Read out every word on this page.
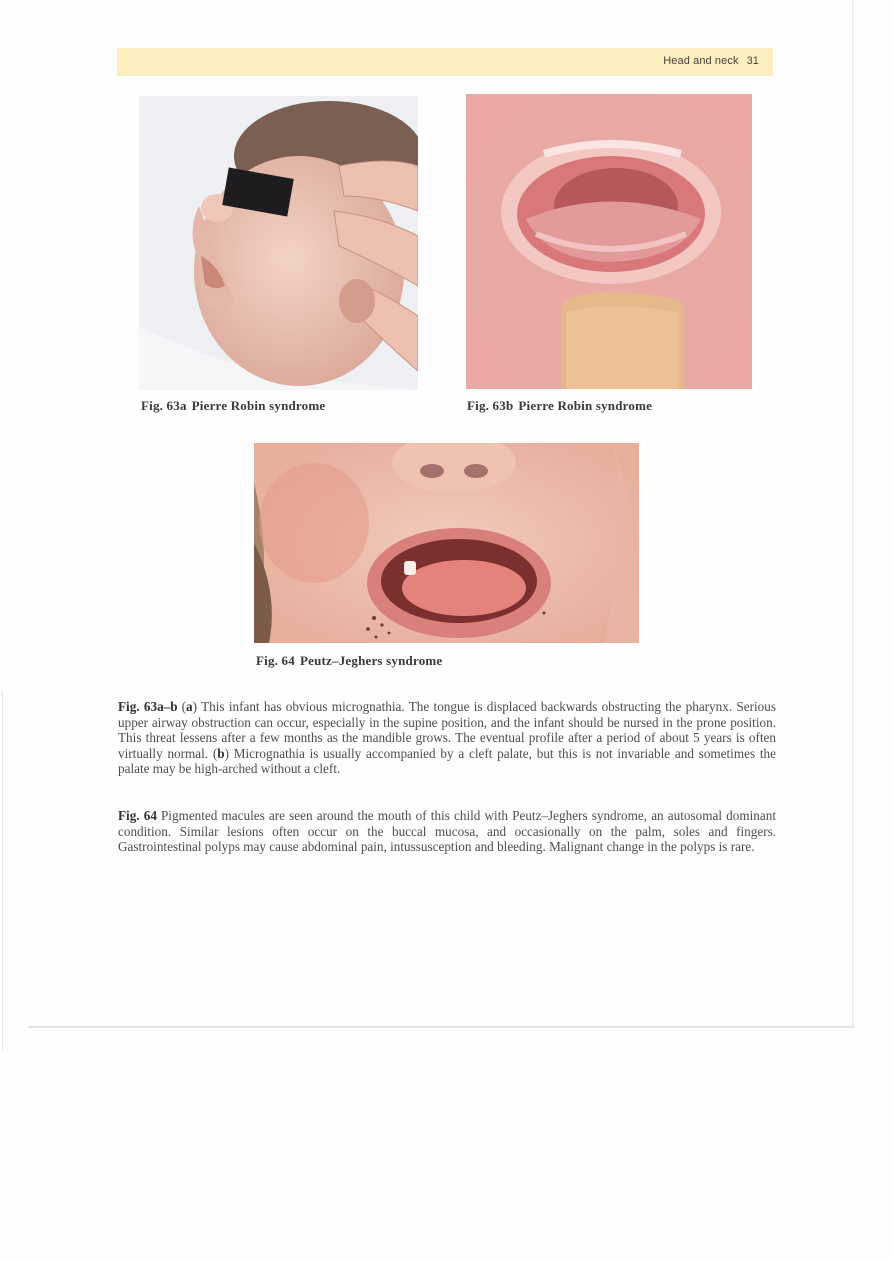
Head and neck 31
Fig. 63a Pierre Robin syndrome	Fig. 63b Pierre Robin syndrome
Fig. 64 Peutz–Jeghers syndrome

Fig. 63a–b (a) This infant has obvious micrognathia. The tongue is displaced backwards obstructing the pharynx. Serious upper airway obstruction can occur, especially in the supine position, and the infant should be nursed in the prone position. This threat lessens after a few months as the mandible grows. The eventual profile after a period of about 5 years is often virtually normal. (b) Micrognathia is usually accompanied by a cleft palate, but this is not invariable and sometimes the palate may be high-arched without a cleft.

Fig. 64 Pigmented macules are seen around the mouth of this child with Peutz–Jeghers syndrome, an autosomal dominant condition. Similar lesions often occur on the buccal mucosa, and occasionally on the palm, soles and fingers. Gastrointestinal polyps may cause abdominal pain, intussusception and bleeding. Malignant change in the polyps is rare.
